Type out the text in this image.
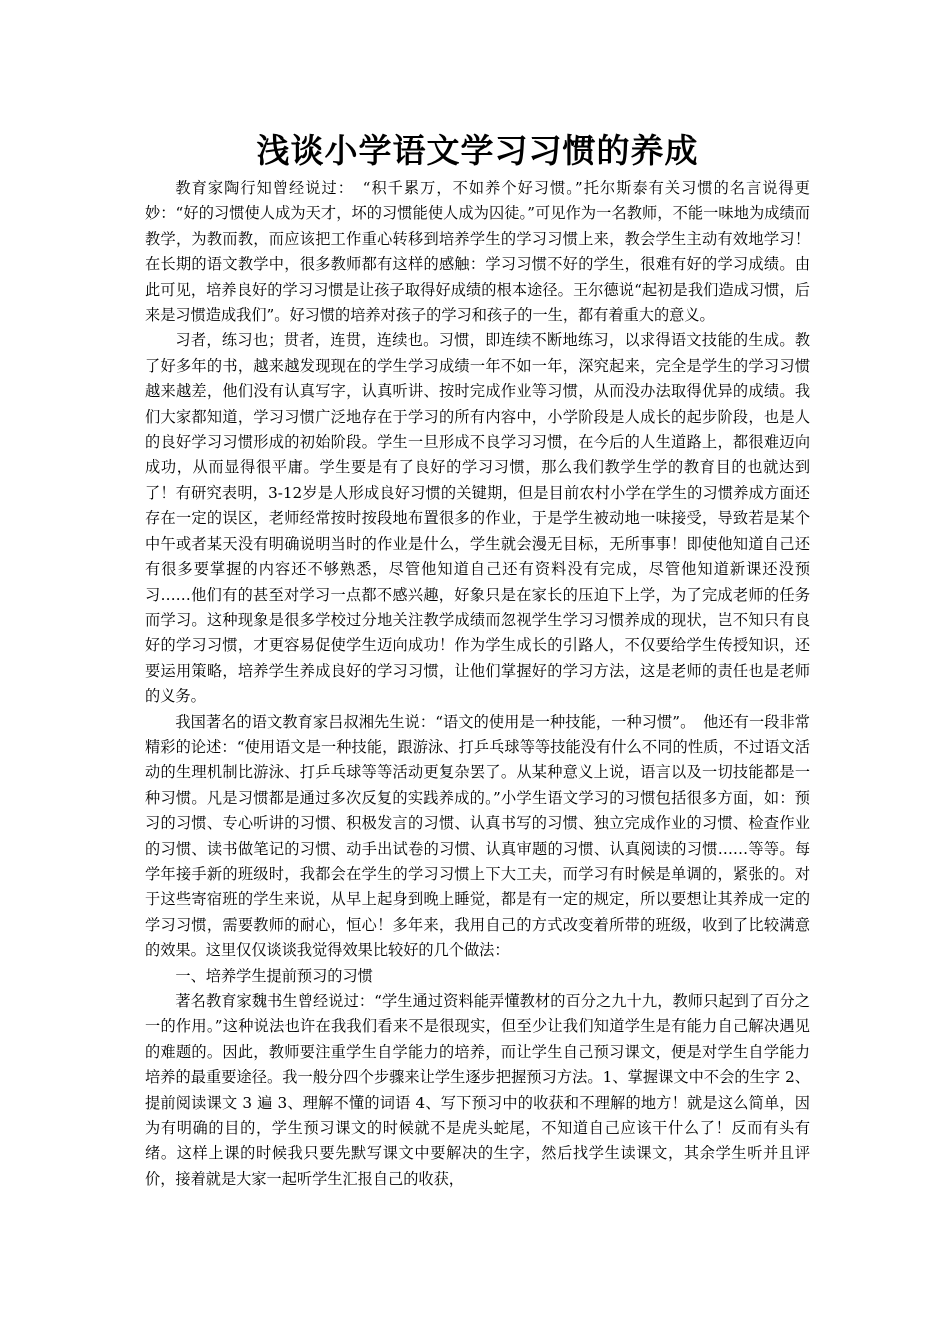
浅谈小学语文学习习惯的养成

教育家陶行知曾经说过：　“积千累万，不如养个好习惯。”托尔斯泰有关习惯的名言说得更妙：“好的习惯使人成为天才，坏的习惯能使人成为囚徒。”可见作为一名教师，不能一味地为成绩而教学，为教而教，而应该把工作重心转移到培养学生的学习习惯上来，教会学生主动有效地学习！在长期的语文教学中，很多教师都有这样的感触：学习习惯不好的学生，很难有好的学习成绩。由此可见，培养良好的学习习惯是让孩子取得好成绩的根本途径。王尔德说“起初是我们造成习惯，后来是习惯造成我们”。好习惯的培养对孩子的学习和孩子的一生，都有着重大的意义。

习者，练习也；贯者，连贯，连续也。习惯，即连续不断地练习，以求得语文技能的生成。教了好多年的书，越来越发现现在的学生学习成绩一年不如一年，深究起来，完全是学生的学习习惯越来越差，他们没有认真写字，认真听讲、按时完成作业等习惯，从而没办法取得优异的成绩。我们大家都知道，学习习惯广泛地存在于学习的所有内容中，小学阶段是人成长的起步阶段，也是人的良好学习习惯形成的初始阶段。学生一旦形成不良学习习惯，在今后的人生道路上，都很难迈向成功，从而显得很平庸。学生要是有了良好的学习习惯，那么我们教学生学的教育目的也就达到了！有研究表明，3-12岁是人形成良好习惯的关键期，但是目前农村小学在学生的习惯养成方面还存在一定的误区，老师经常按时按段地布置很多的作业，于是学生被动地一味接受，导致若是某个中午或者某天没有明确说明当时的作业是什么，学生就会漫无目标，无所事事！即使他知道自己还有很多要掌握的内容还不够熟悉，尽管他知道自己还有资料没有完成，尽管他知道新课还没预习……他们有的甚至对学习一点都不感兴趣，好象只是在家长的压迫下上学，为了完成老师的任务而学习。这种现象是很多学校过分地关注教学成绩而忽视学生学习习惯养成的现状，岂不知只有良好的学习习惯，才更容易促使学生迈向成功！作为学生成长的引路人，不仅要给学生传授知识，还要运用策略，培养学生养成良好的学习习惯，让他们掌握好的学习方法，这是老师的责任也是老师的义务。

我国著名的语文教育家吕叔湘先生说：“语文的使用是一种技能，一种习惯”。　他还有一段非常精彩的论述：“使用语文是一种技能，跟游泳、打乒乓球等等技能没有什么不同的性质，不过语文活动的生理机制比游泳、打乒乓球等等活动更复杂罢了。从某种意义上说，语言以及一切技能都是一种习惯。凡是习惯都是通过多次反复的实践养成的。”小学生语文学习的习惯包括很多方面，如：预习的习惯、专心听讲的习惯、积极发言的习惯、认真书写的习惯、独立完成作业的习惯、检查作业的习惯、读书做笔记的习惯、动手出试卷的习惯、认真审题的习惯、认真阅读的习惯……等等。每学年接手新的班级时，我都会在学生的学习习惯上下大工夫，而学习有时候是单调的，紧张的。对于这些寄宿班的学生来说，从早上起身到晚上睡觉，都是有一定的规定，所以要想让其养成一定的学习习惯，需要教师的耐心，恒心！多年来，我用自己的方式改变着所带的班级，收到了比较满意的效果。这里仅仅谈谈我觉得效果比较好的几个做法：

一、培养学生提前预习的习惯

著名教育家魏书生曾经说过：“学生通过资料能弄懂教材的百分之九十九，教师只起到了百分之一的作用。”这种说法也许在我我们看来不是很现实，但至少让我们知道学生是有能力自己解决遇见的难题的。因此，教师要注重学生自学能力的培养，而让学生自己预习课文，便是对学生自学能力培养的最重要途径。我一般分四个步骤来让学生逐步把握预习方法。1、掌握课文中不会的生字 2、提前阅读课文 3 遍 3、理解不懂的词语 4、写下预习中的收获和不理解的地方！就是这么简单，因为有明确的目的，学生预习课文的时候就不是虎头蛇尾，不知道自己应该干什么了！反而有头有绪。这样上课的时候我只要先默写课文中要解决的生字，然后找学生读课文，其余学生听并且评价，接着就是大家一起听学生汇报自己的收获，
